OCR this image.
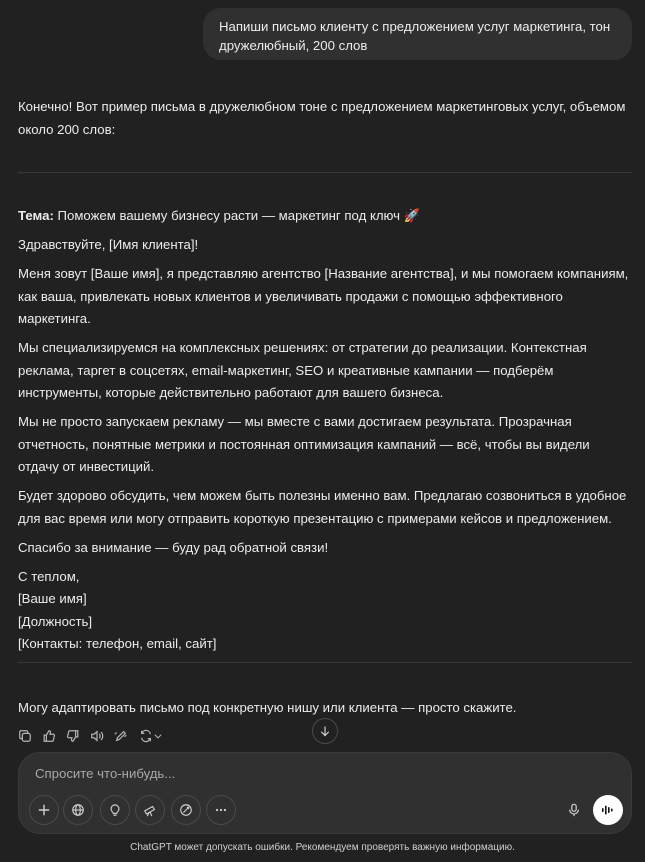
Напиши письмо клиенту с предложением услуг маркетинга, тон дружелюбный, 200 слов
Конечно! Вот пример письма в дружелюбном тоне с предложением маркетинговых услуг, объемом около 200 слов:

Тема: Поможем вашему бизнесу расти — маркетинг под ключ 🚀

Здравствуйте, [Имя клиента]!

Меня зовут [Ваше имя], я представляю агентство [Название агентства], и мы помогаем компаниям, как ваша, привлекать новых клиентов и увеличивать продажи с помощью эффективного маркетинга.

Мы специализируемся на комплексных решениях: от стратегии до реализации. Контекстная реклама, таргет в соцсетях, email-маркетинг, SEO и креативные кампании — подберём инструменты, которые действительно работают для вашего бизнеса.

Мы не просто запускаем рекламу — мы вместе с вами достигаем результата. Прозрачная отчетность, понятные метрики и постоянная оптимизация кампаний — всё, чтобы вы видели отдачу от инвестиций.

Будет здорово обсудить, чем можем быть полезны именно вам. Предлагаю созвониться в удобное для вас время или могу отправить короткую презентацию с примерами кейсов и предложением.

Спасибо за внимание — буду рад обратной связи!

С теплом,
[Ваше имя]
[Должность]
[Контакты: телефон, email, сайт]

Могу адаптировать письмо под конкретную нишу или клиента — просто скажите.
Спросите что-нибудь...
ChatGPT может допускать ошибки. Рекомендуем проверять важную информацию.
